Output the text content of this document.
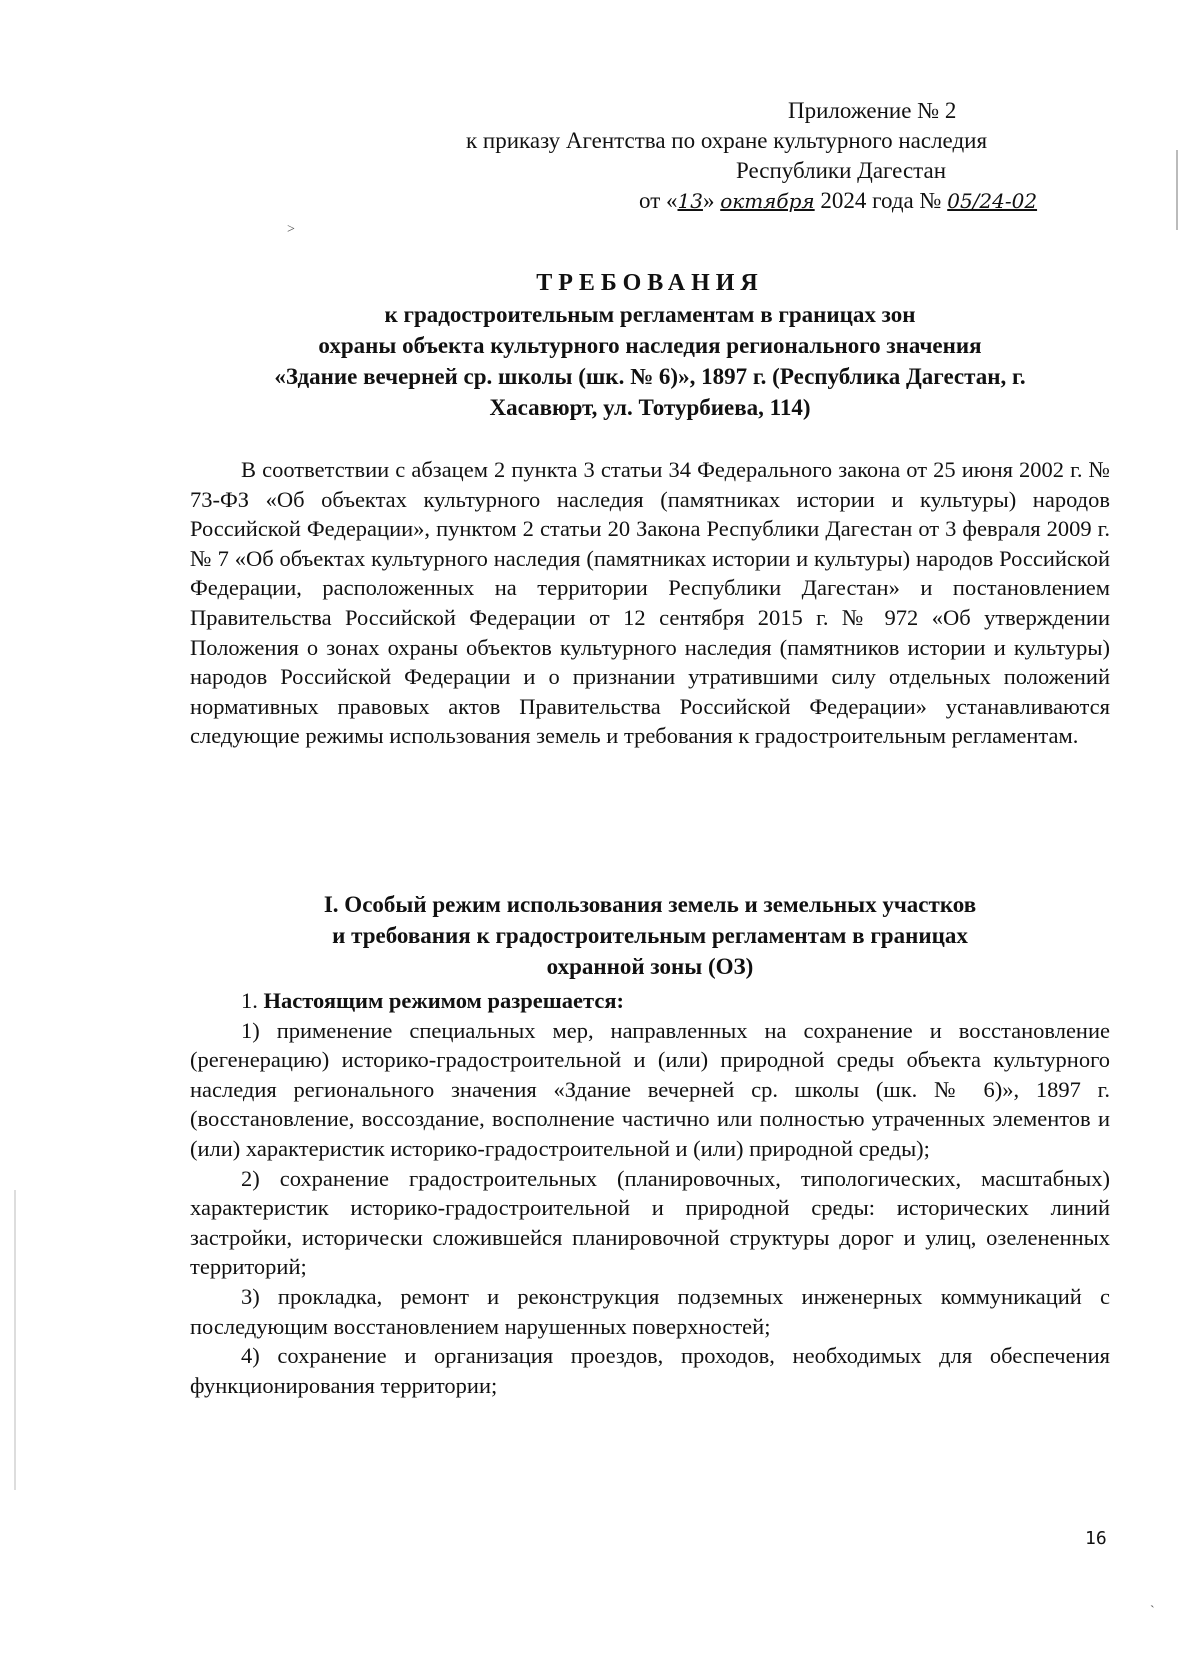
Приложение № 2
к приказу Агентства по охране культурного наследия
Республики Дагестан
от «13» октября 2024 года № 05/24-02
ТРЕБОВАНИЯ
к градостроительным регламентам в границах зон
охраны объекта культурного наследия регионального значения
«Здание вечерней ср. школы (шк. № 6)», 1897 г. (Республика Дагестан, г.
Хасавюрт, ул. Тотурбиева, 114)

В соответствии с абзацем 2 пункта 3 статьи 34 Федерального закона от 25 июня 2002 г. № 73-ФЗ «Об объектах культурного наследия (памятниках истории и культуры) народов Российской Федерации», пунктом 2 статьи 20 Закона Республики Дагестан от 3 февраля 2009 г. № 7 «Об объектах культурного наследия (памятниках истории и культуры) народов Российской Федерации, расположенных на территории Республики Дагестан» и постановлением Правительства Российской Федерации от 12 сентября 2015 г. № 972 «Об утверждении Положения о зонах охраны объектов культурного наследия (памятников истории и культуры) народов Российской Федерации и о признании утратившими силу отдельных положений нормативных правовых актов Правительства Российской Федерации» устанавливаются следующие режимы использования земель и требования к градостроительным регламентам.

I. Особый режим использования земель и земельных участков
и требования к градостроительным регламентам в границах
охранной зоны (ОЗ)

1. Настоящим режимом разрешается:

1) применение специальных мер, направленных на сохранение и восстановление (регенерацию) историко-градостроительной и (или) природной среды объекта культурного наследия регионального значения «Здание вечерней ср. школы (шк. № 6)», 1897 г. (восстановление, воссоздание, восполнение частично или полностью утраченных элементов и (или) характеристик историко-градостроительной и (или) природной среды);

2) сохранение градостроительных (планировочных, типологических, масштабных) характеристик историко-градостроительной и природной среды: исторических линий застройки, исторически сложившейся планировочной структуры дорог и улиц, озелененных территорий;

3) прокладка, ремонт и реконструкция подземных инженерных коммуникаций с последующим восстановлением нарушенных поверхностей;

4) сохранение и организация проездов, проходов, необходимых для обеспечения функционирования территории;

16
˃
˴
